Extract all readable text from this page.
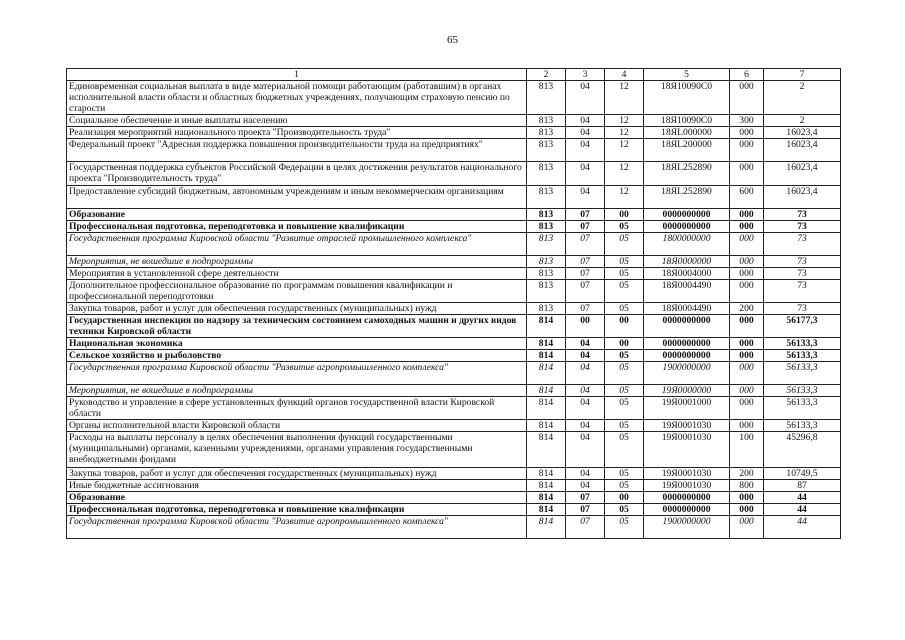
65
1	2	3	4	5	6	7
Единовременная социальная выплата в виде материальной помощи работающим (работавшим) в органах исполнительной власти области и областных бюджетных учреждениях, получающим страховую пенсию по старости	813	04	12	18Я10090С0	000	2
Социальное обеспечение и иные выплаты населению	813	04	12	18Я10090С0	300	2
Реализация мероприятий национального проекта "Производительность труда"	813	04	12	18ЯL000000	000	16023,4
Федеральный проект "Адресная поддержка повышения производительности труда на предприятиях"	813	04	12	18ЯL200000	000	16023,4
Государственная поддержка субъектов Российской Федерации в целях достижения результатов национального проекта "Производительность труда"	813	04	12	18ЯL252890	000	16023,4
Предоставление субсидий бюджетным, автономным учреждениям и иным некоммерческим организациям	813	04	12	18ЯL252890	600	16023,4
Образование	813	07	00	0000000000	000	73
Профессиональная подготовка, переподготовка и повышение квалификации	813	07	05	0000000000	000	73
Государственная программа Кировской области "Развитие отраслей промышленного комплекса"	813	07	05	1800000000	000	73
Мероприятия, не вошедшие в подпрограммы	813	07	05	18Я0000000	000	73
Мероприятия в установленной сфере деятельности	813	07	05	18Я0004000	000	73
Дополнительное профессиональное образование по программам повышения квалификации и профессиональной переподготовки	813	07	05	18Я0004490	000	73
Закупка товаров, работ и услуг для обеспечения государственных (муниципальных) нужд	813	07	05	18Я0004490	200	73
Государственная инспекция по надзору за техническим состоянием самоходных машин и других видов техники Кировской области	814	00	00	0000000000	000	56177,3
Национальная экономика	814	04	00	0000000000	000	56133,3
Сельское хозяйство и рыболовство	814	04	05	0000000000	000	56133,3
Государственная программа Кировской области "Развитие агропромышленного комплекса"	814	04	05	1900000000	000	56133,3
Мероприятия, не вошедшие в подпрограммы	814	04	05	19Я0000000	000	56133,3
Руководство и управление в сфере установленных функций органов государственной власти Кировской области	814	04	05	19Я0001000	000	56133,3
Органы исполнительной власти Кировской области	814	04	05	19Я0001030	000	56133,3
Расходы на выплаты персоналу в целях обеспечения выполнения функций государственными (муниципальными) органами, казенными учреждениями, органами управления государственными внебюджетными фондами	814	04	05	19Я0001030	100	45296,8
Закупка товаров, работ и услуг для обеспечения государственных (муниципальных) нужд	814	04	05	19Я0001030	200	10749,5
Иные бюджетные ассигнования	814	04	05	19Я0001030	800	87
Образование	814	07	00	0000000000	000	44
Профессиональная подготовка, переподготовка и повышение квалификации	814	07	05	0000000000	000	44
Государственная программа Кировской области "Развитие агропромышленного комплекса"	814	07	05	1900000000	000	44
